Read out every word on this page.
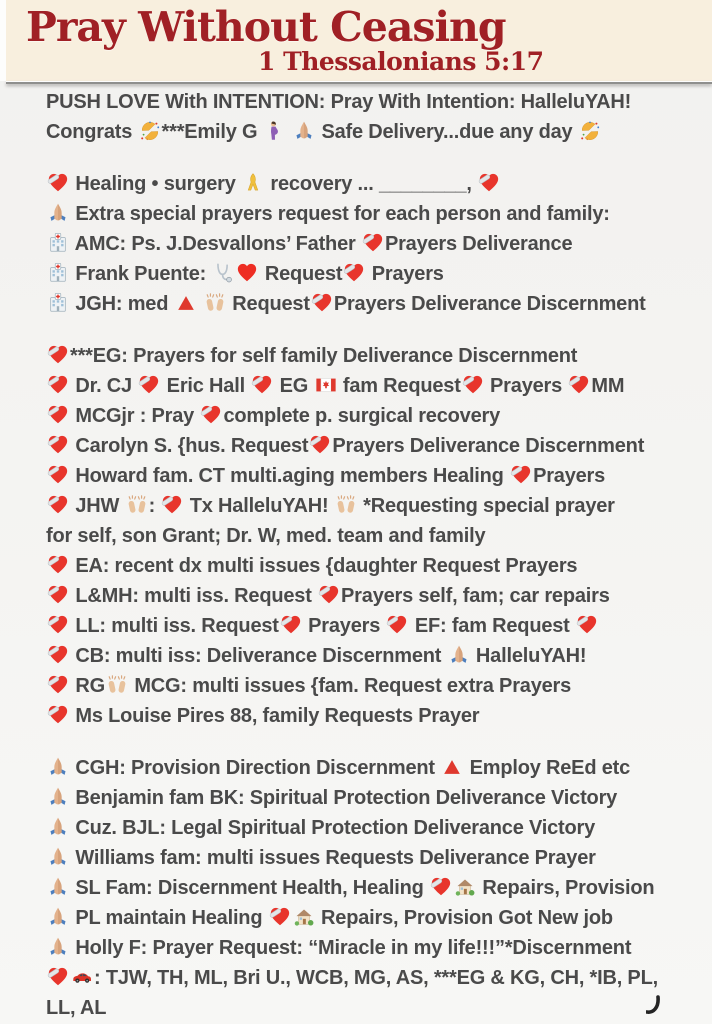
Pray Without Ceasing
1 Thessalonians 5:17
PUSH LOVE With INTENTION: Pray With Intention: HalleluYAH!
Congrats
***Emily G
	Safe Delivery...due any day
Healing • surgery
recovery ... ________,
Extra special prayers request for each person and family:
AMC: Ps. J.Desvallons’ Father
Prayers Deliverance
Frank Puente:
Request
Prayers
JGH: med
	Request Prayers Deliverance Discernment
***EG: Prayers for self family Deliverance Discernment
Dr. CJ
Eric Hall
EG
fam Request
Prayers
MM
MCGjr : Pray
complete p. surgical recovery
Carolyn S. {hus. Request Prayers Deliverance Discernment
Howard fam. CT multi.aging members Healing
Prayers
JHW
:
Tx HalleluYAH!
*Requesting special prayer
for self, son Grant; Dr. W, med. team and family
EA: recent dx multi issues {daughter Request Prayers
L&MH: multi iss. Request
Prayers self, fam; car repairs
LL: multi iss. Request
Prayers
EF: fam Request
CB: multi iss: Deliverance Discernment
HalleluYAH!
RG
MCG: multi issues {fam. Request extra Prayers
Ms Louise Pires 88, family Requests Prayer
CGH: Provision Direction Discernment
Employ ReEd etc
Benjamin fam BK: Spiritual Protection Deliverance Victory
Cuz. BJL: Legal Spiritual Protection Deliverance Victory
Williams fam: multi issues Requests Deliverance Prayer
SL Fam: Discernment Health, Healing
Repairs, Provision
PL maintain Healing
Repairs, Provision Got New job
Holly F: Prayer Request: “Miracle in my life!!!”*Discernment
: TJW, TH, ML, Bri U., WCB, MG, AS, ***EG & KG, CH, *IB, PL,
LL, AL
